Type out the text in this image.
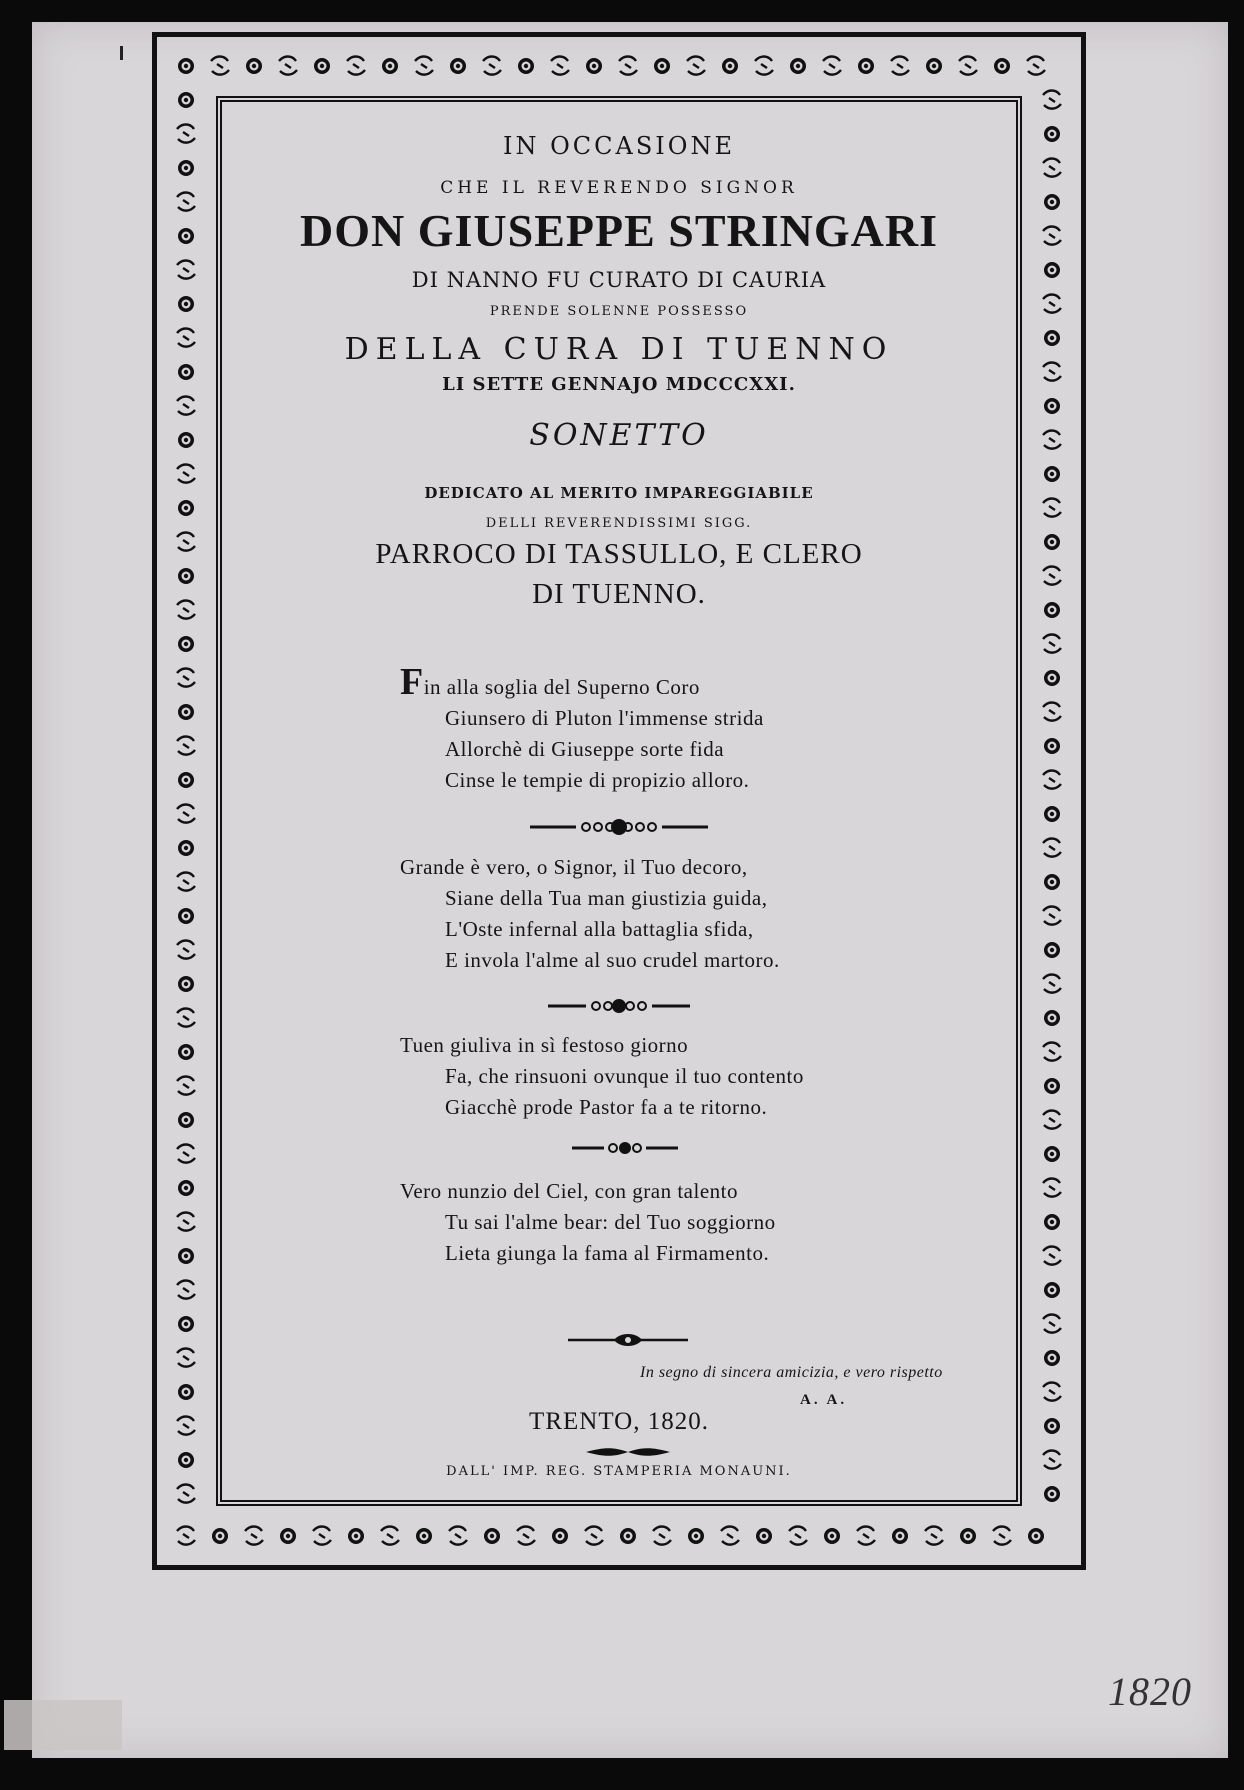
IN OCCASIONE

CHE IL REVERENDO SIGNOR

DON GIUSEPPE STRINGARI

DI NANNO FU CURATO DI CAURIA

PRENDE SOLENNE POSSESSO

DELLA CURA DI TUENNO

LI SETTE GENNAJO MDCCCXXI.

SONETTO

DEDICATO AL MERITO IMPAREGGIABILE

DELLI REVERENDISSIMI SIGG.

PARROCO DI TASSULLO, E CLERO
DI TUENNO.

Fin alla soglia del Superno Coro
Giunsero di Pluton l'immense strida
Allorchè di Giuseppe sorte fida
Cinse le tempie di propizio alloro.
Grande è vero, o Signor, il Tuo decoro,
Siane della Tua man giustizia guida,
L'Oste infernal alla battaglia sfida,
E invola l'alme al suo crudel martoro.
Tuen giuliva in sì festoso giorno
Fa, che rinsuoni ovunque il tuo contento
Giacchè prode Pastor fa a te ritorno.
Vero nunzio del Ciel, con gran talento
Tu sai l'alme bear: del Tuo soggiorno
Lieta giunga la fama al Firmamento.

In segno di sincera amicizia, e vero rispetto

A. A.

TRENTO, 1820.

DALL' IMP. REG. STAMPERIA MONAUNI.

1820
